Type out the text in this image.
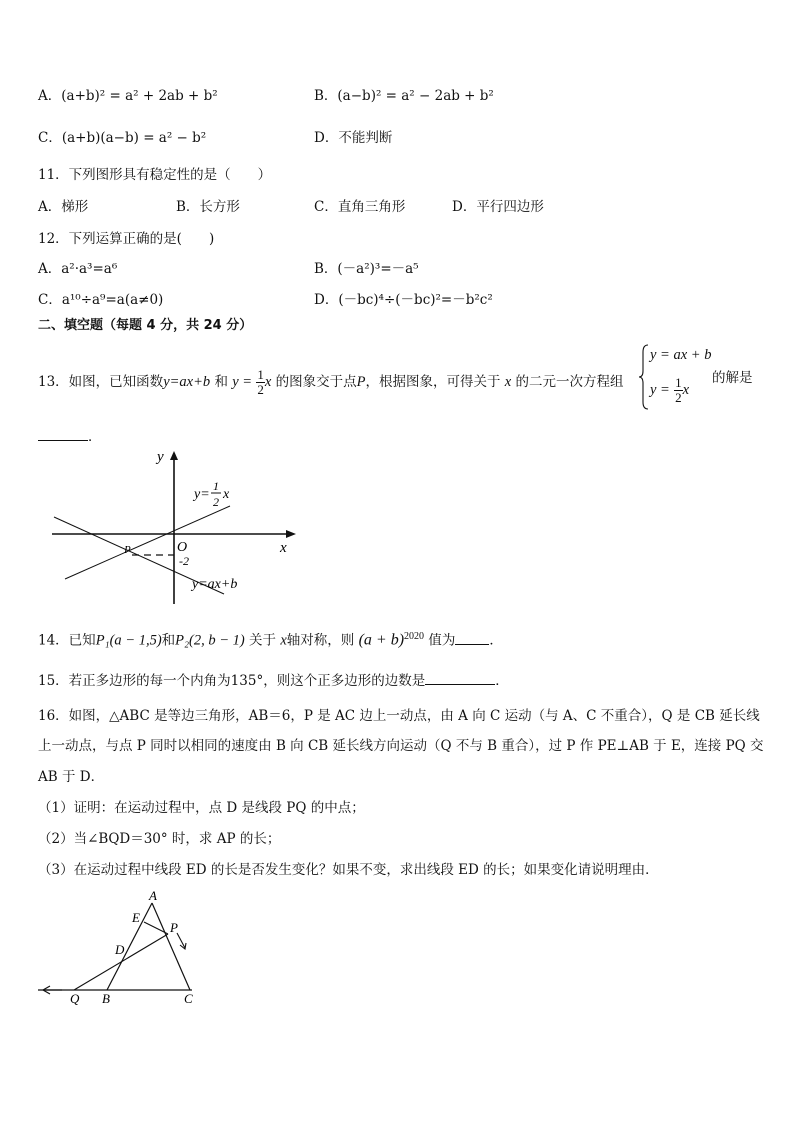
A．(a+b)² = a² + 2ab + b²	B．(a−b)² = a² − 2ab + b²
C．(a+b)(a−b) = a² − b²	D．不能判断
11．下列图形具有稳定性的是（　　）
A．梯形	B．长方形	C．直角三角形	D．平行四边形
12．下列运算正确的是(　　)
A．a²·a³=a⁶	B．(－a²)³=－a⁵
C．a¹⁰÷a⁹=a(a≠0)	D．(－bc)⁴÷(－bc)²=－b²c²
二、填空题（每题 4 分，共 24 分）
13．如图，已知函数y=ax+b 和 $y = \frac{1}{2}$ x 的图象交于点P，根据图象，可得关于 x 的二元一次方程组
y = ax + b
$y = \frac{1}{2}$ x
的解是
．
y
x
O
-2
P
y=
1
2 x
y=ax+b
14．已知P₁(a − 1,5)和P₂(2, b − 1) 关于 x轴对称，则 $(a + b)^{2020}$ 值为	．
15．若正多边形的每一个内角为135°，则这个正多边形的边数是	．
16．如图，△ABC 是等边三角形，AB＝6，P 是 AC 边上一动点，由 A 向 C 运动（与 A、C 不重合），Q 是 CB 延长线
上一动点，与点 P 同时以相同的速度由 B 向 CB 延长线方向运动（Q 不与 B 重合），过 P 作 PE⊥AB 于 E，连接 PQ 交
AB 于 D．
（1）证明：在运动过程中，点 D 是线段 PQ 的中点；
（2）当∠BQD＝30° 时，求 AP 的长；
（3）在运动过程中线段 ED 的长是否发生变化？如果不变，求出线段 ED 的长；如果变化请说明理由．
A
E
P
D
Q B	C
